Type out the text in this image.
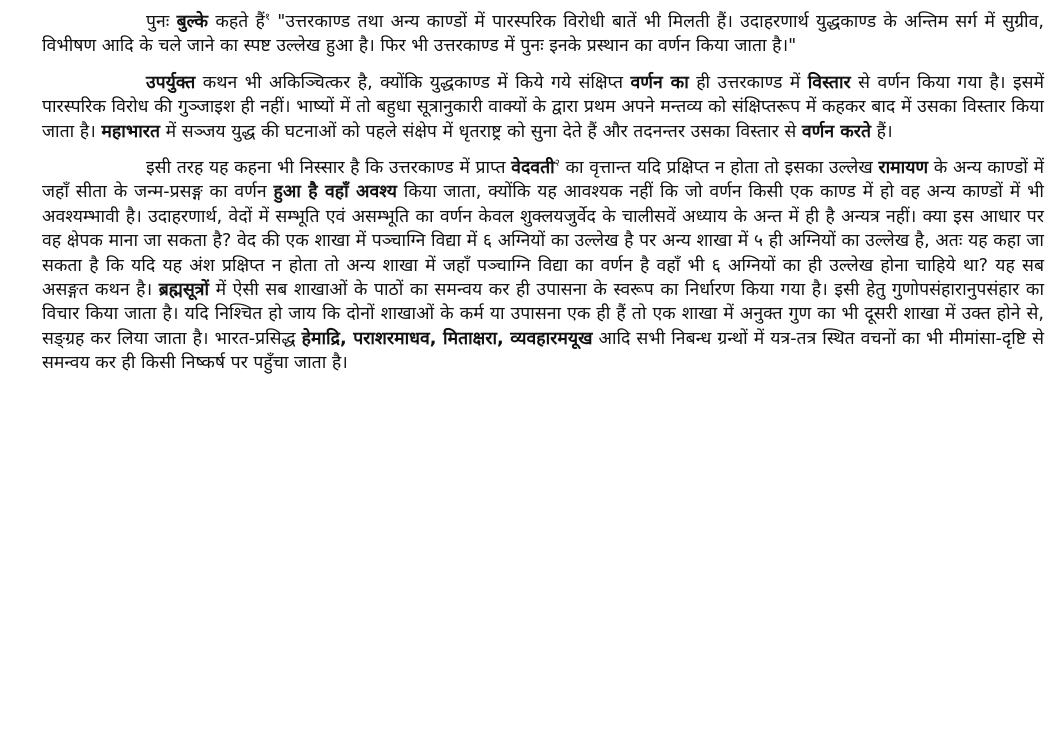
पुनः बुल्के कहते हैं$^१$ "उत्तरकाण्ड तथा अन्य काण्डों में पारस्परिक विरोधी बातें भी मिलती हैं। उदाहरणार्थ युद्धकाण्ड के अन्तिम सर्ग में सुग्रीव, विभीषण आदि के चले जाने का स्पष्ट उल्लेख हुआ है। फिर भी उत्तरकाण्ड में पुनः इनके प्रस्थान का वर्णन किया जाता है।"

उपर्युक्त कथन भी अकिञ्चित्कर है, क्योंकि युद्धकाण्ड में किये गये संक्षिप्त वर्णन का ही उत्तरकाण्ड में विस्तार से वर्णन किया गया है। इसमें पारस्परिक विरोध की गुञ्जाइश ही नहीं। भाष्यों में तो बहुधा सूत्रानुकारी वाक्यों के द्वारा प्रथम अपने मन्तव्य को संक्षिप्तरूप में कहकर बाद में उसका विस्तार किया जाता है। महाभारत में सञ्जय युद्ध की घटनाओं को पहले संक्षेप में धृतराष्ट्र को सुना देते हैं और तदनन्तर उसका विस्तार से वर्णन करते हैं।

इसी तरह यह कहना भी निस्सार है कि उत्तरकाण्ड में प्राप्त वेदवती$^२$ का वृत्तान्त यदि प्रक्षिप्त न होता तो इसका उल्लेख रामायण के अन्य काण्डों में जहाँ सीता के जन्म-प्रसङ्ग का वर्णन हुआ है वहाँ अवश्य किया जाता, क्योंकि यह आवश्यक नहीं कि जो वर्णन किसी एक काण्ड में हो वह अन्य काण्डों में भी अवश्यम्भावी है। उदाहरणार्थ, वेदों में सम्भूति एवं असम्भूति का वर्णन केवल शुक्लयजुर्वेद के चालीसवें अध्याय के अन्त में ही है अन्यत्र नहीं। क्या इस आधार पर वह क्षेपक माना जा सकता है? वेद की एक शाखा में पञ्चाग्नि विद्या में ६ अग्नियों का उल्लेख है पर अन्य शाखा में ५ ही अग्नियों का उल्लेख है, अतः यह कहा जा सकता है कि यदि यह अंश प्रक्षिप्त न होता तो अन्य शाखा में जहाँ पञ्चाग्नि विद्या का वर्णन है वहाँ भी ६ अग्नियों का ही उल्लेख होना चाहिये था? यह सब असङ्गत कथन है। ब्रह्मसूत्रों में ऐसी सब शाखाओं के पाठों का समन्वय कर ही उपासना के स्वरूप का निर्धारण किया गया है। इसी हेतु गुणोपसंहारानुपसंहार का विचार किया जाता है। यदि निश्चित हो जाय कि दोनों शाखाओं के कर्म या उपासना एक ही हैं तो एक शाखा में अनुक्त गुण का भी दूसरी शाखा में उक्त होने से, सङ्ग्रह कर लिया जाता है। भारत-प्रसिद्ध हेमाद्रि, पराशरमाधव, मिताक्षरा, व्यवहारमयूख आदि सभी निबन्ध ग्रन्थों में यत्र-तत्र स्थित वचनों का भी मीमांसा-दृष्टि से समन्वय कर ही किसी निष्कर्ष पर पहुँचा जाता है।
